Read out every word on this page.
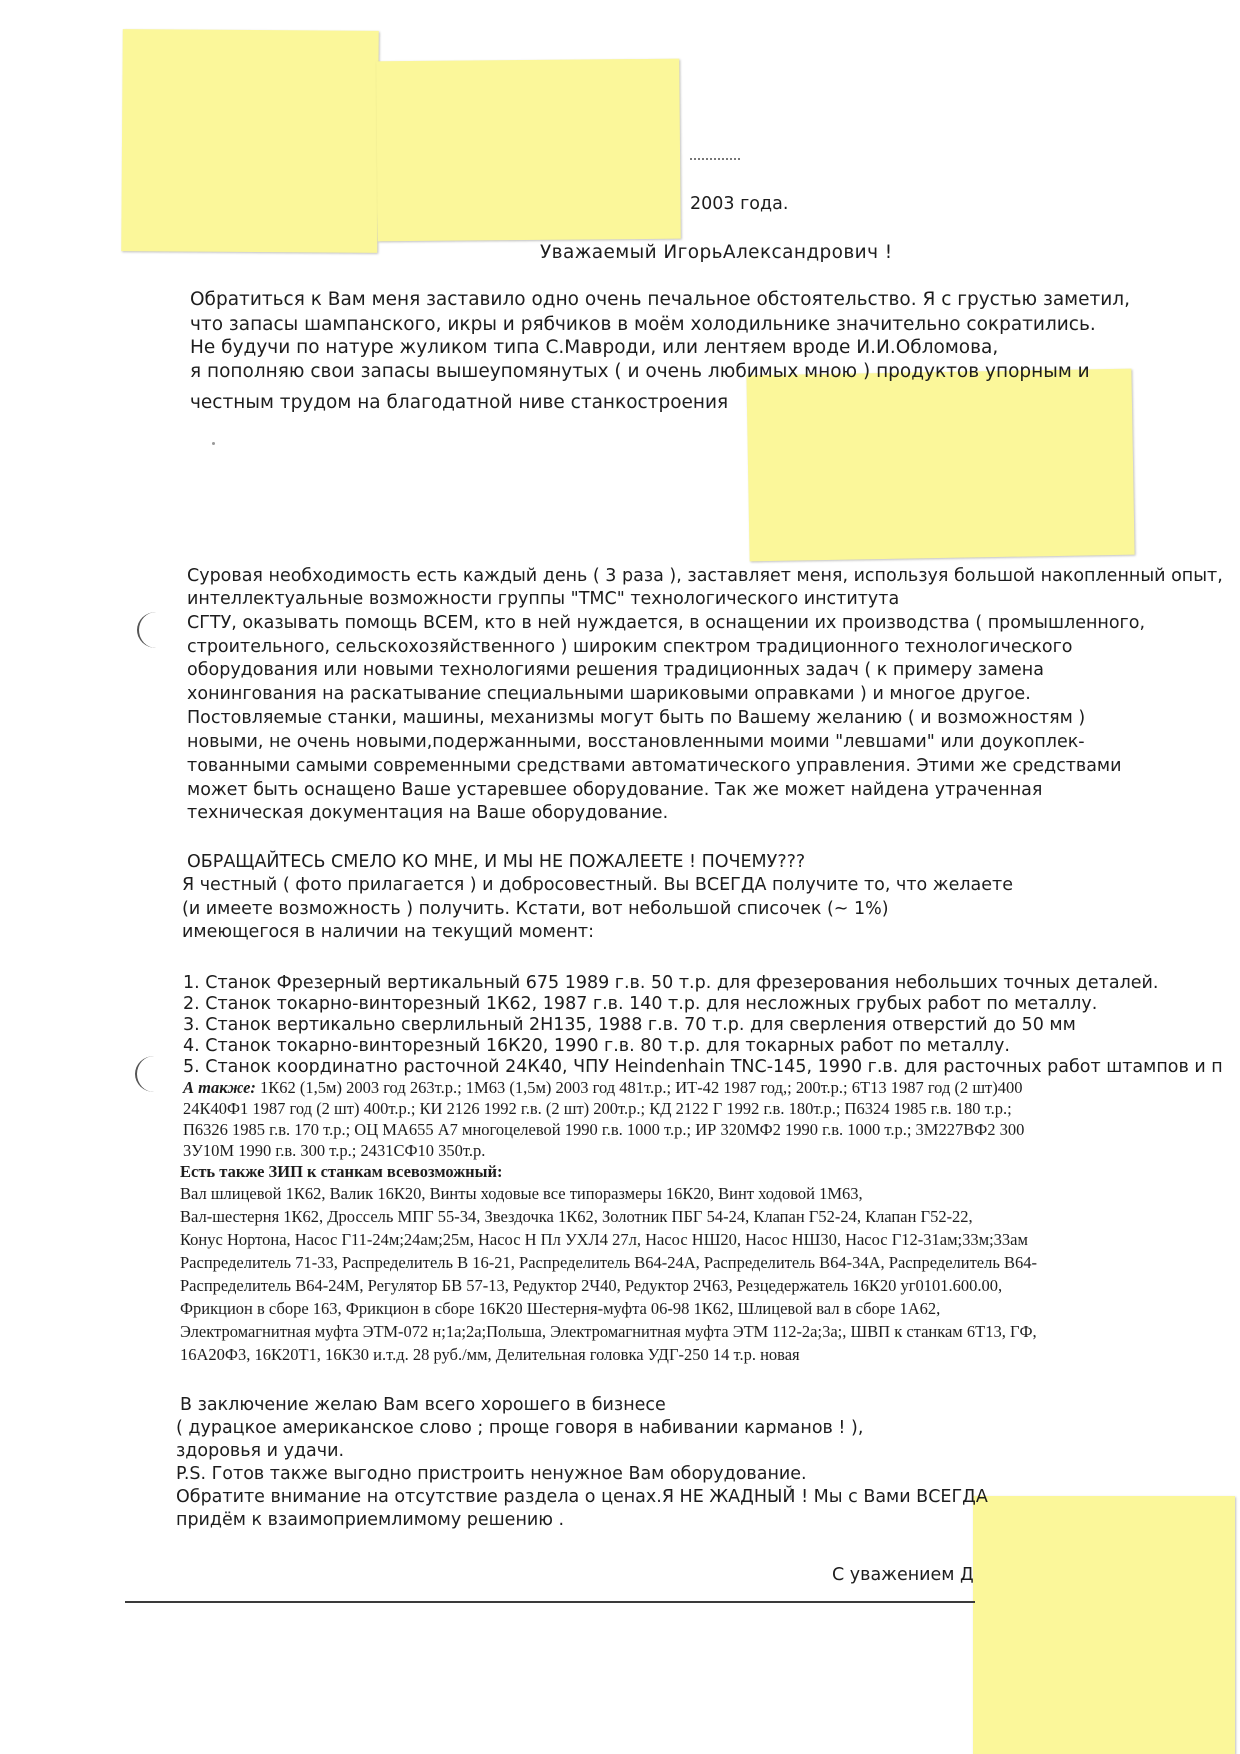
2003 года.
Уважаемый ИгорьАлександрович !
Обратиться к Вам меня заставило одно очень печальное обстоятельство. Я с грустью заметил,
что запасы шампанского, икры и рябчиков в моём холодильнике значительно сократились.
Не будучи по натуре жуликом типа С.Мавроди, или лентяем вроде И.И.Обломова,
я пополняю свои запасы вышеупомянутых ( и очень любимых мною ) продуктов упорным и
честным трудом на благодатной ниве станкостроения
Суровая необходимость есть каждый день ( 3 раза ), заставляет меня, используя большой накопленный опыт,
интеллектуальные возможности группы "ТМС" технологического института
СГТУ, оказывать помощь ВСЕМ, кто в ней нуждается, в оснащении их производства ( промышленного,
строительного, сельскохозяйственного ) широким спектром традиционного технологического
оборудования или новыми технологиями решения традиционных задач ( к примеру замена
хонингования на раскатывание специальными шариковыми оправками ) и многое другое.
Постовляемые станки, машины, механизмы могут быть по Вашему желанию ( и возможностям )
новыми, не очень новыми,подержанными, восстановленными моими "левшами" или доукоплек-
тованными самыми современными средствами автоматического управления. Этими же средствами
может быть оснащено Ваше устаревшее оборудование. Так же может найдена утраченная
техническая документация на Ваше оборудование.
ОБРАЩАЙТЕСЬ СМЕЛО КО МНЕ, И МЫ НЕ ПОЖАЛЕЕТЕ ! ПОЧЕМУ???
Я честный ( фото прилагается ) и добросовестный. Вы ВСЕГДА получите то, что желаете
(и имеете возможность ) получить. Кстати, вот небольшой списочек (~ 1%)
имеющегося в наличии на текущий момент:
1. Станок Фрезерный вертикальный 675 1989 г.в. 50 т.р. для фрезерования небольших точных деталей.
2. Станок токарно-винторезный 1К62, 1987 г.в. 140 т.р. для несложных грубых работ по металлу.
3. Станок вертикально сверлильный 2Н135, 1988 г.в. 70 т.р. для сверления отверстий до 50 мм
4. Станок токарно-винторезный 16К20, 1990 г.в. 80 т.р. для токарных работ по металлу.
5. Станок координатно расточной 24К40, ЧПУ Heindenhain TNC-145, 1990 г.в. для расточных работ штампов и п
А также: 1К62 (1,5м) 2003 год 263т.р.; 1М63 (1,5м) 2003 год 481т.р.; ИТ-42 1987 год,; 200т.р.; 6Т13 1987 год (2 шт)400
24К40Ф1 1987 год (2 шт) 400т.р.; КИ 2126 1992 г.в. (2 шт) 200т.р.; КД 2122 Г 1992 г.в. 180т.р.; П6324 1985 г.в. 180 т.р.;
П6326 1985 г.в. 170 т.р.; ОЦ МА655 А7 многоцелевой 1990 г.в. 1000 т.р.; ИР 320МФ2 1990 г.в. 1000 т.р.; 3М227ВФ2 300
3У10М 1990 г.в. 300 т.р.; 2431СФ10 350т.р.
Есть также ЗИП к станкам всевозможный:
Вал шлицевой 1К62, Валик 16К20, Винты ходовые все типоразмеры 16К20, Винт ходовой 1М63,
Вал-шестерня 1К62, Дроссель МПГ 55-34, Звездочка 1К62, Золотник ПБГ 54-24, Клапан Г52-24, Клапан Г52-22,
Конус Нортона, Насос Г11-24м;24ам;25м, Насос Н Пл УХЛ4 27л, Насос НШ20, Насос НШ30, Насос Г12-31ам;33м;33ам
Распределитель 71-33, Распределитель В 16-21, Распределитель В64-24А, Распределитель В64-34А, Распределитель В64-
Распределитель В64-24М, Регулятор БВ 57-13, Редуктор 2Ч40, Редуктор 2Ч63, Резцедержатель 16К20 уг0101.600.00,
Фрикцион в сборе 163, Фрикцион в сборе 16К20 Шестерня-муфта 06-98 1К62, Шлицевой вал в сборе 1А62,
Электромагнитная муфта ЭТМ-072 н;1а;2а;Польша, Электромагнитная муфта ЭТМ 112-2а;3а;, ШВП к станкам 6Т13, ГФ,
16А20Ф3, 16К20Т1, 16К30 и.т.д. 28 руб./мм, Делительная головка УДГ-250 14 т.р. новая
В заключение желаю Вам всего хорошего в бизнесе
( дурацкое американское слово ; проще говоря в набивании карманов ! ),
здоровья и удачи.
P.S. Готов также выгодно пристроить ненужное Вам оборудование.
Обратите внимание на отсутствие раздела о ценах.Я НЕ ЖАДНЫЙ ! Мы с Вами ВСЕГДА
придём к взаимоприемлимому решению .
С уважением Д
